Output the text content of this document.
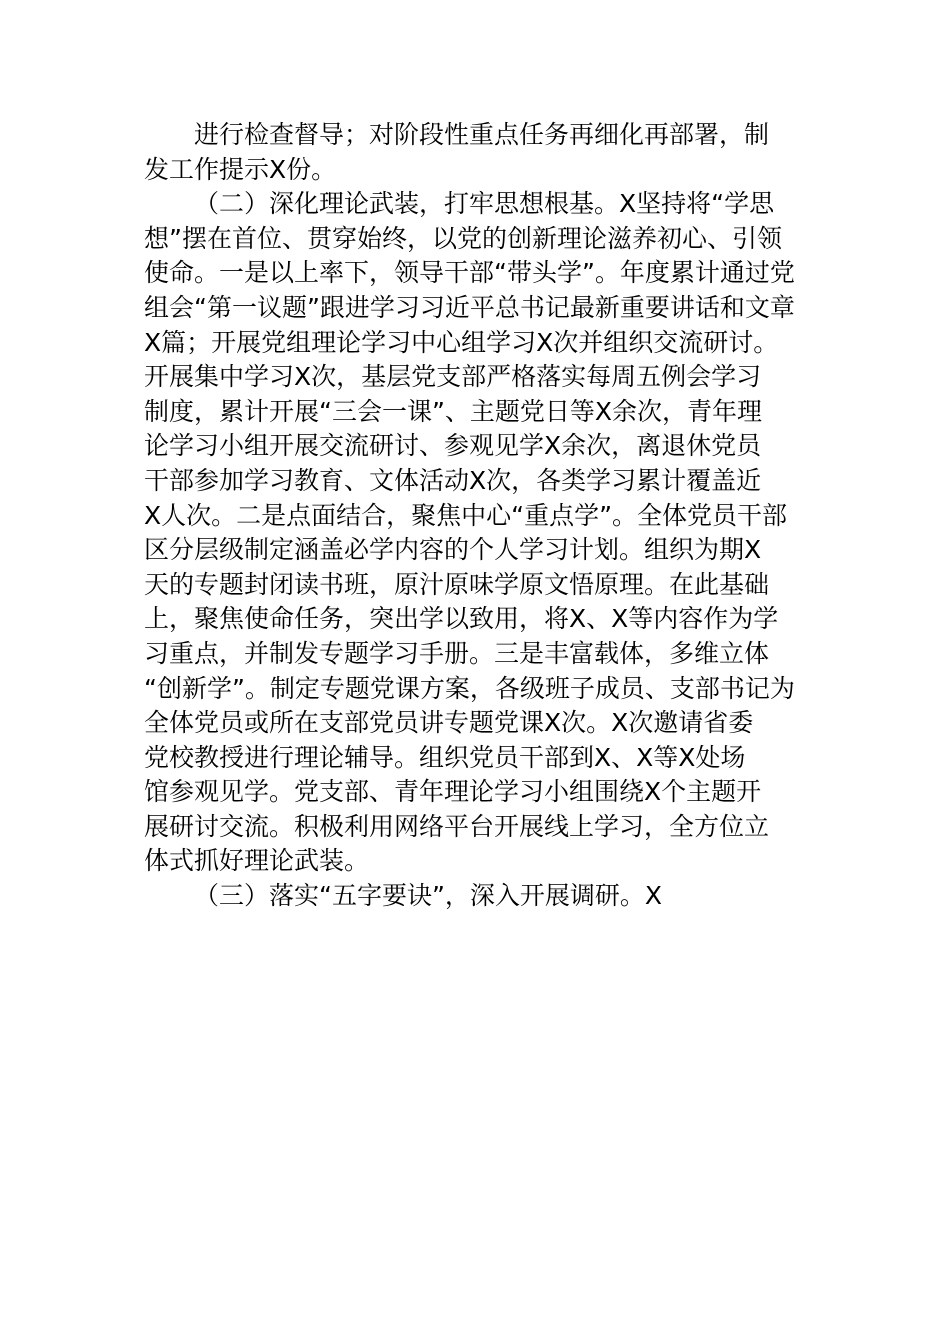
进行检查督导；对阶段性重点任务再细化再部署，制
发工作提示X份。
（二）深化理论武装，打牢思想根基。X坚持将“学思
想”摆在首位、贯穿始终，以党的创新理论滋养初心、引领
使命。一是以上率下，领导干部“带头学”。年度累计通过党
组会“第一议题”跟进学习习近平总书记最新重要讲话和文章
X篇；开展党组理论学习中心组学习X次并组织交流研讨。
开展集中学习X次，基层党支部严格落实每周五例会学习
制度，累计开展“三会一课”、主题党日等X余次，青年理
论学习小组开展交流研讨、参观见学X余次，离退休党员
干部参加学习教育、文体活动X次，各类学习累计覆盖近
X人次。二是点面结合，聚焦中心“重点学”。全体党员干部
区分层级制定涵盖必学内容的个人学习计划。组织为期X
天的专题封闭读书班，原汁原味学原文悟原理。在此基础
上，聚焦使命任务，突出学以致用，将X、X等内容作为学
习重点，并制发专题学习手册。三是丰富载体，多维立体
“创新学”。制定专题党课方案，各级班子成员、支部书记为
全体党员或所在支部党员讲专题党课X次。X次邀请省委
党校教授进行理论辅导。组织党员干部到X、X等X处场
馆参观见学。党支部、青年理论学习小组围绕X个主题开
展研讨交流。积极利用网络平台开展线上学习，全方位立
体式抓好理论武装。
（三）落实“五字要诀”，深入开展调研。X
